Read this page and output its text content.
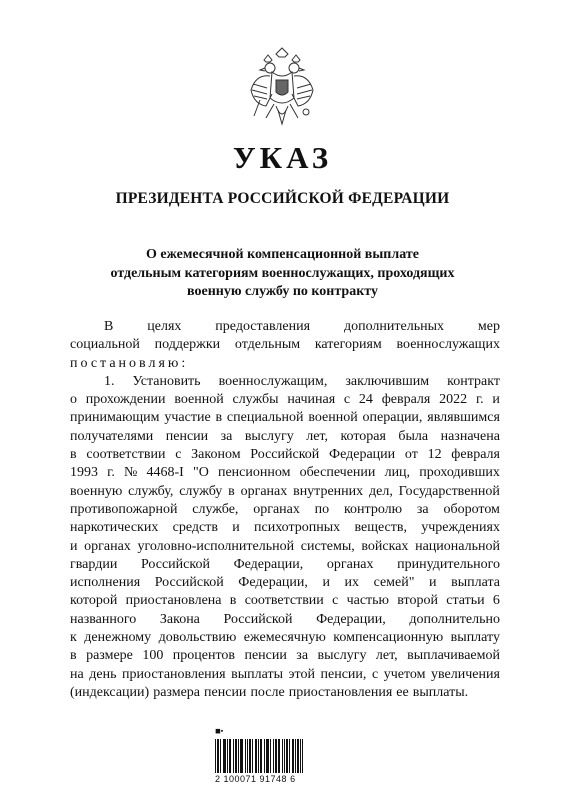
УКАЗ
ПРЕЗИДЕНТА РОССИЙСКОЙ ФЕДЕРАЦИИ
О ежемесячной компенсационной выплате
отдельным категориям военнослужащих, проходящих
военную службу по контракту
В целях предоставления дополнительных мер
социальной поддержки отдельным категориям военнослужащих
постановляю:
1. Установить военнослужащим, заключившим контракт
о прохождении военной службы начиная с 24 февраля 2022 г. и
принимающим участие в специальной военной операции, являвшимся
получателями пенсии за выслугу лет, которая была назначена
в соответствии с Законом Российской Федерации от 12 февраля
1993 г. № 4468-I "О пенсионном обеспечении лиц, проходивших
военную службу, службу в органах внутренних дел, Государственной
противопожарной службе, органах по контролю за оборотом
наркотических средств и психотропных веществ, учреждениях
и органах уголовно-исполнительной системы, войсках национальной
гвардии Российской Федерации, органах принудительного
исполнения Российской Федерации, и их семей" и выплата
которой приостановлена в соответствии с частью второй статьи 6
названного Закона Российской Федерации, дополнительно
к денежному довольствию ежемесячную компенсационную выплату
в размере 100 процентов пенсии за выслугу лет, выплачиваемой
на день приостановления выплаты этой пенсии, с учетом увеличения
(индексации) размера пенсии после приостановления ее выплаты.
◼▪
2 100071 91748 6
